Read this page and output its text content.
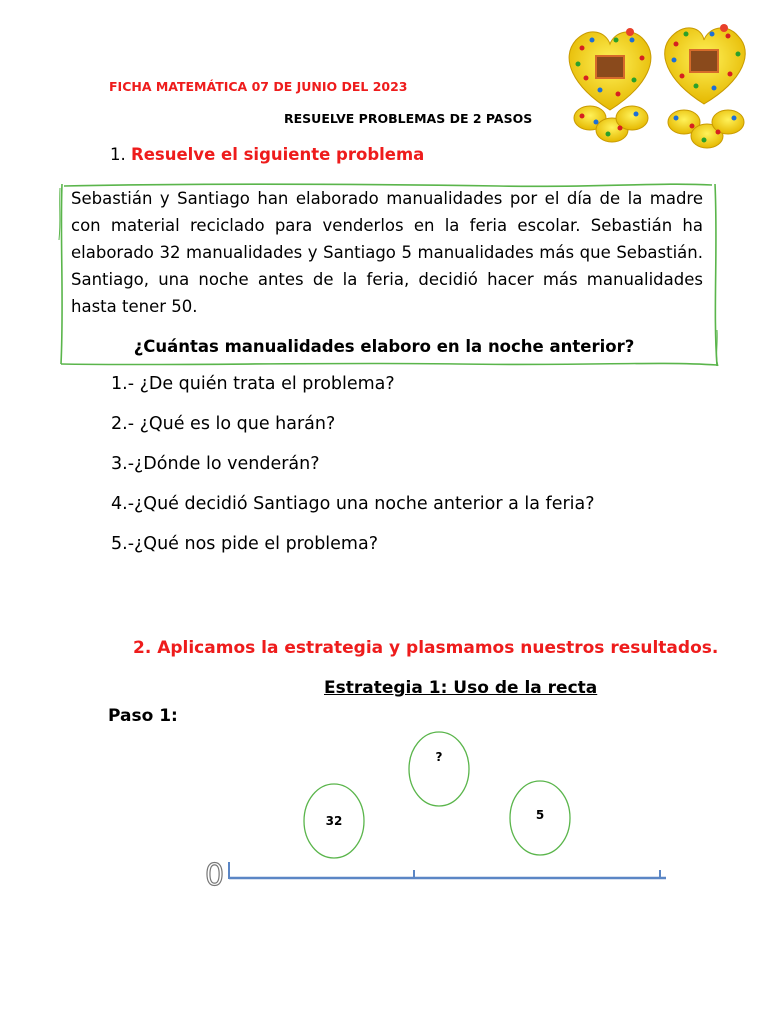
FICHA MATEMÁTICA 07 DE JUNIO DEL 2023
RESUELVE PROBLEMAS DE 2 PASOS
1. Resuelve el siguiente problema
Sebastián y Santiago han elaborado manualidades por el día de la madre con material reciclado para venderlos en la feria escolar. Sebastián ha elaborado 32 manualidades y Santiago 5 manualidades más que Sebastián. Santiago, una noche antes de la feria, decidió hacer más manualidades hasta tener 50.
¿Cuántas manualidades elaboro en la noche anterior?
1.- ¿De quién trata el problema?
2.- ¿Qué es lo que harán?
3.-¿Dónde lo venderán?
4.-¿Qué decidió Santiago una noche anterior a la feria?
5.-¿Qué nos pide el problema?
2. Aplicamos la estrategia y plasmamos nuestros resultados.
Estrategia 1: Uso de la recta
Paso 1:
32
?
5
0
